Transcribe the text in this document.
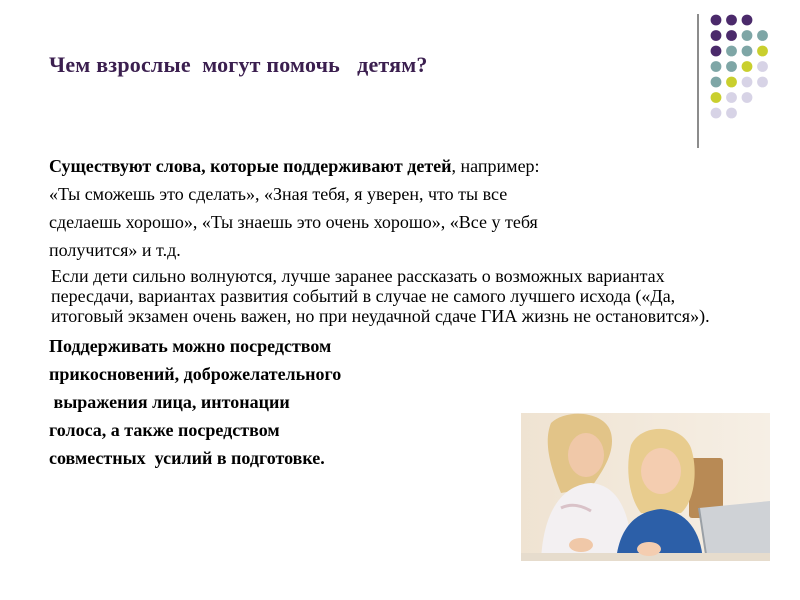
Чем взрослые  могут помочь   детям?
Существуют слова, которые поддерживают детей, например:
«Ты сможешь это сделать», «Зная тебя, я уверен, что ты все
сделаешь хорошо», «Ты знаешь это очень хорошо», «Все у тебя
получится» и т.д.
Если дети сильно волнуются, лучше заранее рассказать о возможных вариантах пересдачи, вариантах развития событий в случае не самого лучшего исхода («Да, итоговый экзамен очень важен, но при неудачной сдаче ГИА жизнь не остановится»).
Поддерживать можно посредством
прикосновений, доброжелательного
выражения лица, интонации
голоса, а также посредством
совместных  усилий в подготовке.
